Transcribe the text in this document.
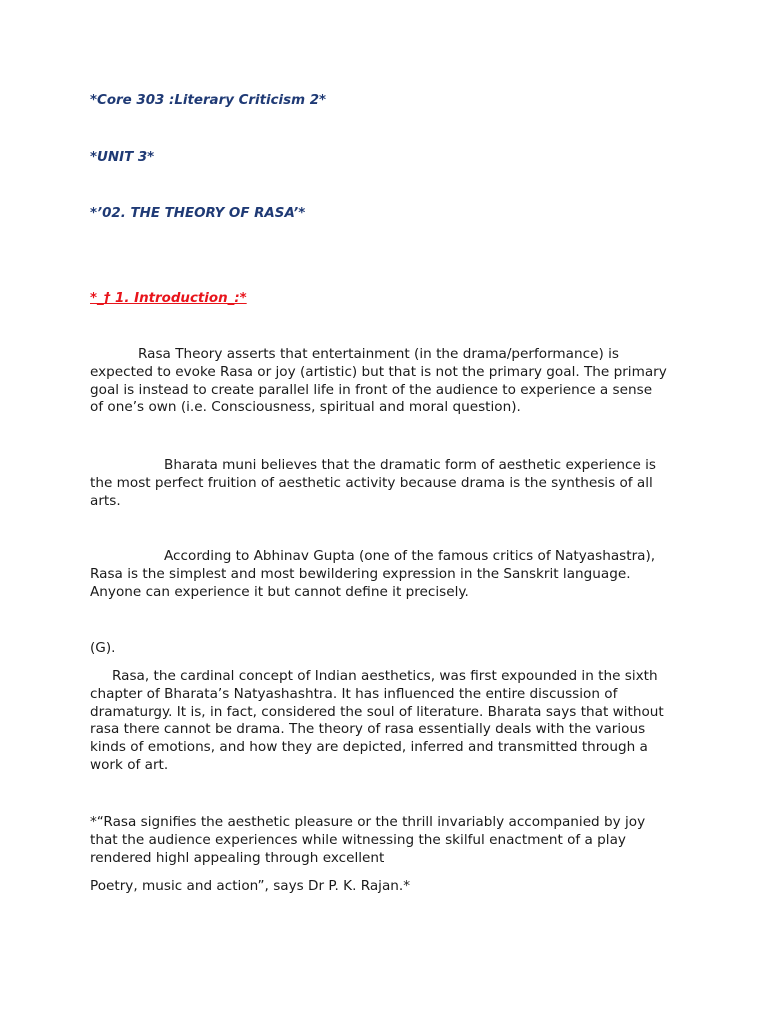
*Core 303 :Literary Criticism 2*
*UNIT 3*
*’02. THE THEORY OF RASA’*
*_† 1. Introduction_:*
Rasa Theory asserts that entertainment (in the drama/performance) is
expected to evoke Rasa or joy (artistic) but that is not the primary goal. The primary
goal is instead to create parallel life in front of the audience to experience a sense
of one’s own (i.e. Consciousness, spiritual and moral question).
Bharata muni believes that the dramatic form of aesthetic experience is
the most perfect fruition of aesthetic activity because drama is the synthesis of all
arts.
According to Abhinav Gupta (one of the famous critics of Natyashastra),
Rasa is the simplest and most bewildering expression in the Sanskrit language.
Anyone can experience it but cannot define it precisely.
(G).
Rasa, the cardinal concept of Indian aesthetics, was first expounded in the sixth
chapter of Bharata’s Natyashashtra. It has influenced the entire discussion of
dramaturgy. It is, in fact, considered the soul of literature. Bharata says that without
rasa there cannot be drama. The theory of rasa essentially deals with the various
kinds of emotions, and how they are depicted, inferred and transmitted through a
work of art.
*“Rasa signifies the aesthetic pleasure or the thrill invariably accompanied by joy
that the audience experiences while witnessing the skilful enactment of a play
rendered highl appealing through excellent
Poetry, music and action”, says Dr P. K. Rajan.*
